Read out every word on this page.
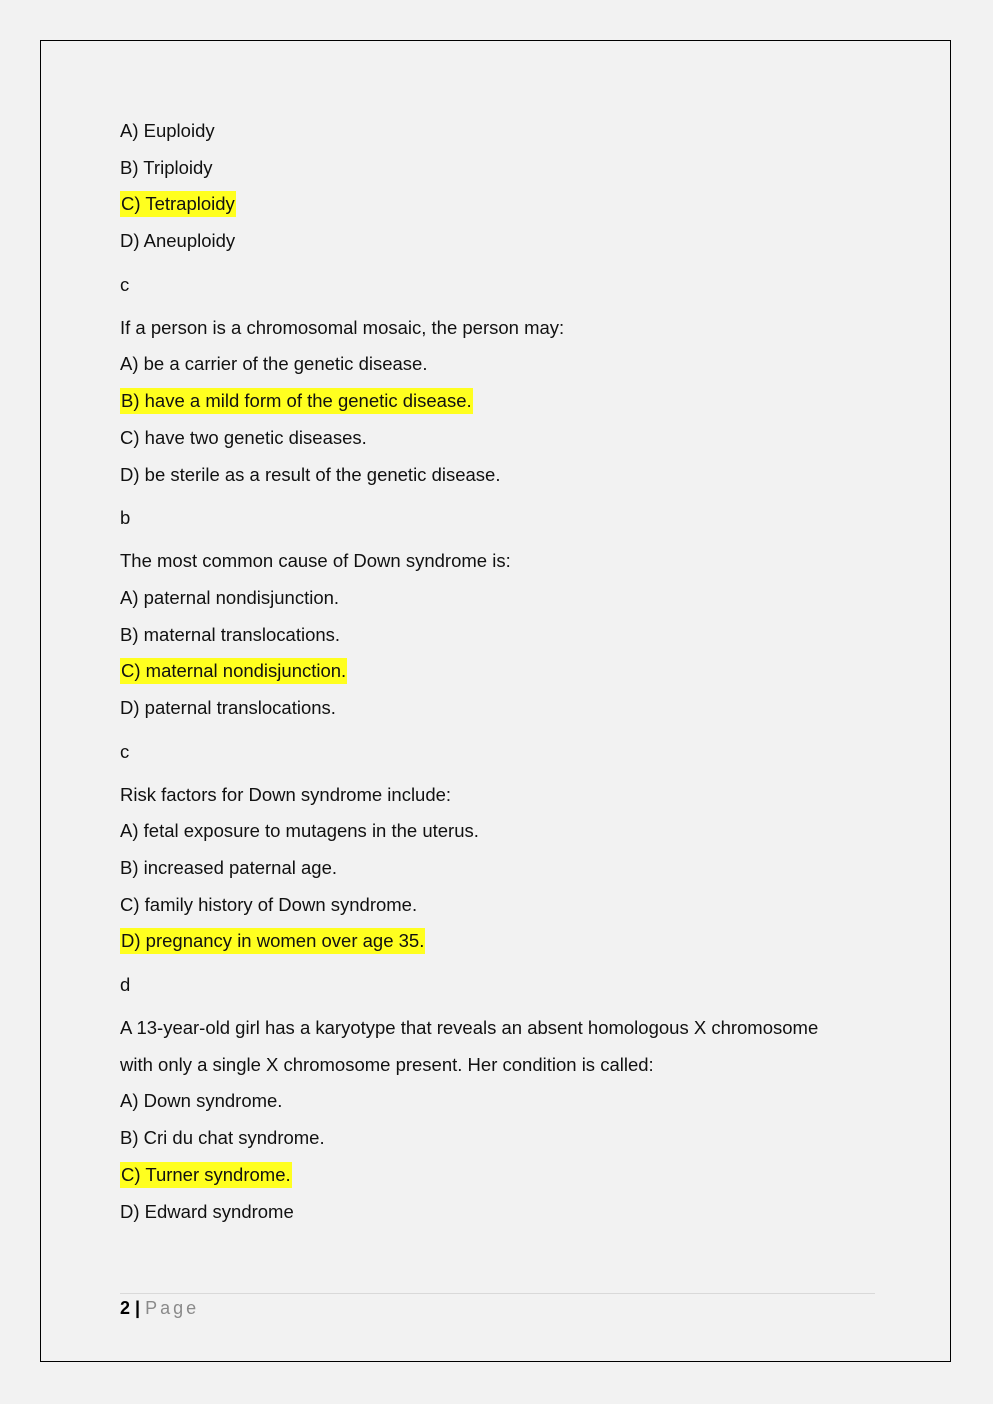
A) Euploidy
B) Triploidy
C) Tetraploidy
D) Aneuploidy
c
If a person is a chromosomal mosaic, the person may:
A) be a carrier of the genetic disease.
B) have a mild form of the genetic disease.
C) have two genetic diseases.
D) be sterile as a result of the genetic disease.
b
The most common cause of Down syndrome is:
A) paternal nondisjunction.
B) maternal translocations.
C) maternal nondisjunction.
D) paternal translocations.
c
Risk factors for Down syndrome include:
A) fetal exposure to mutagens in the uterus.
B) increased paternal age.
C) family history of Down syndrome.
D) pregnancy in women over age 35.
d
A 13-year-old girl has a karyotype that reveals an absent homologous X chromosome
with only a single X chromosome present. Her condition is called:
A) Down syndrome.
B) Cri du chat syndrome.
C) Turner syndrome.
D) Edward syndrome
2 | Page
